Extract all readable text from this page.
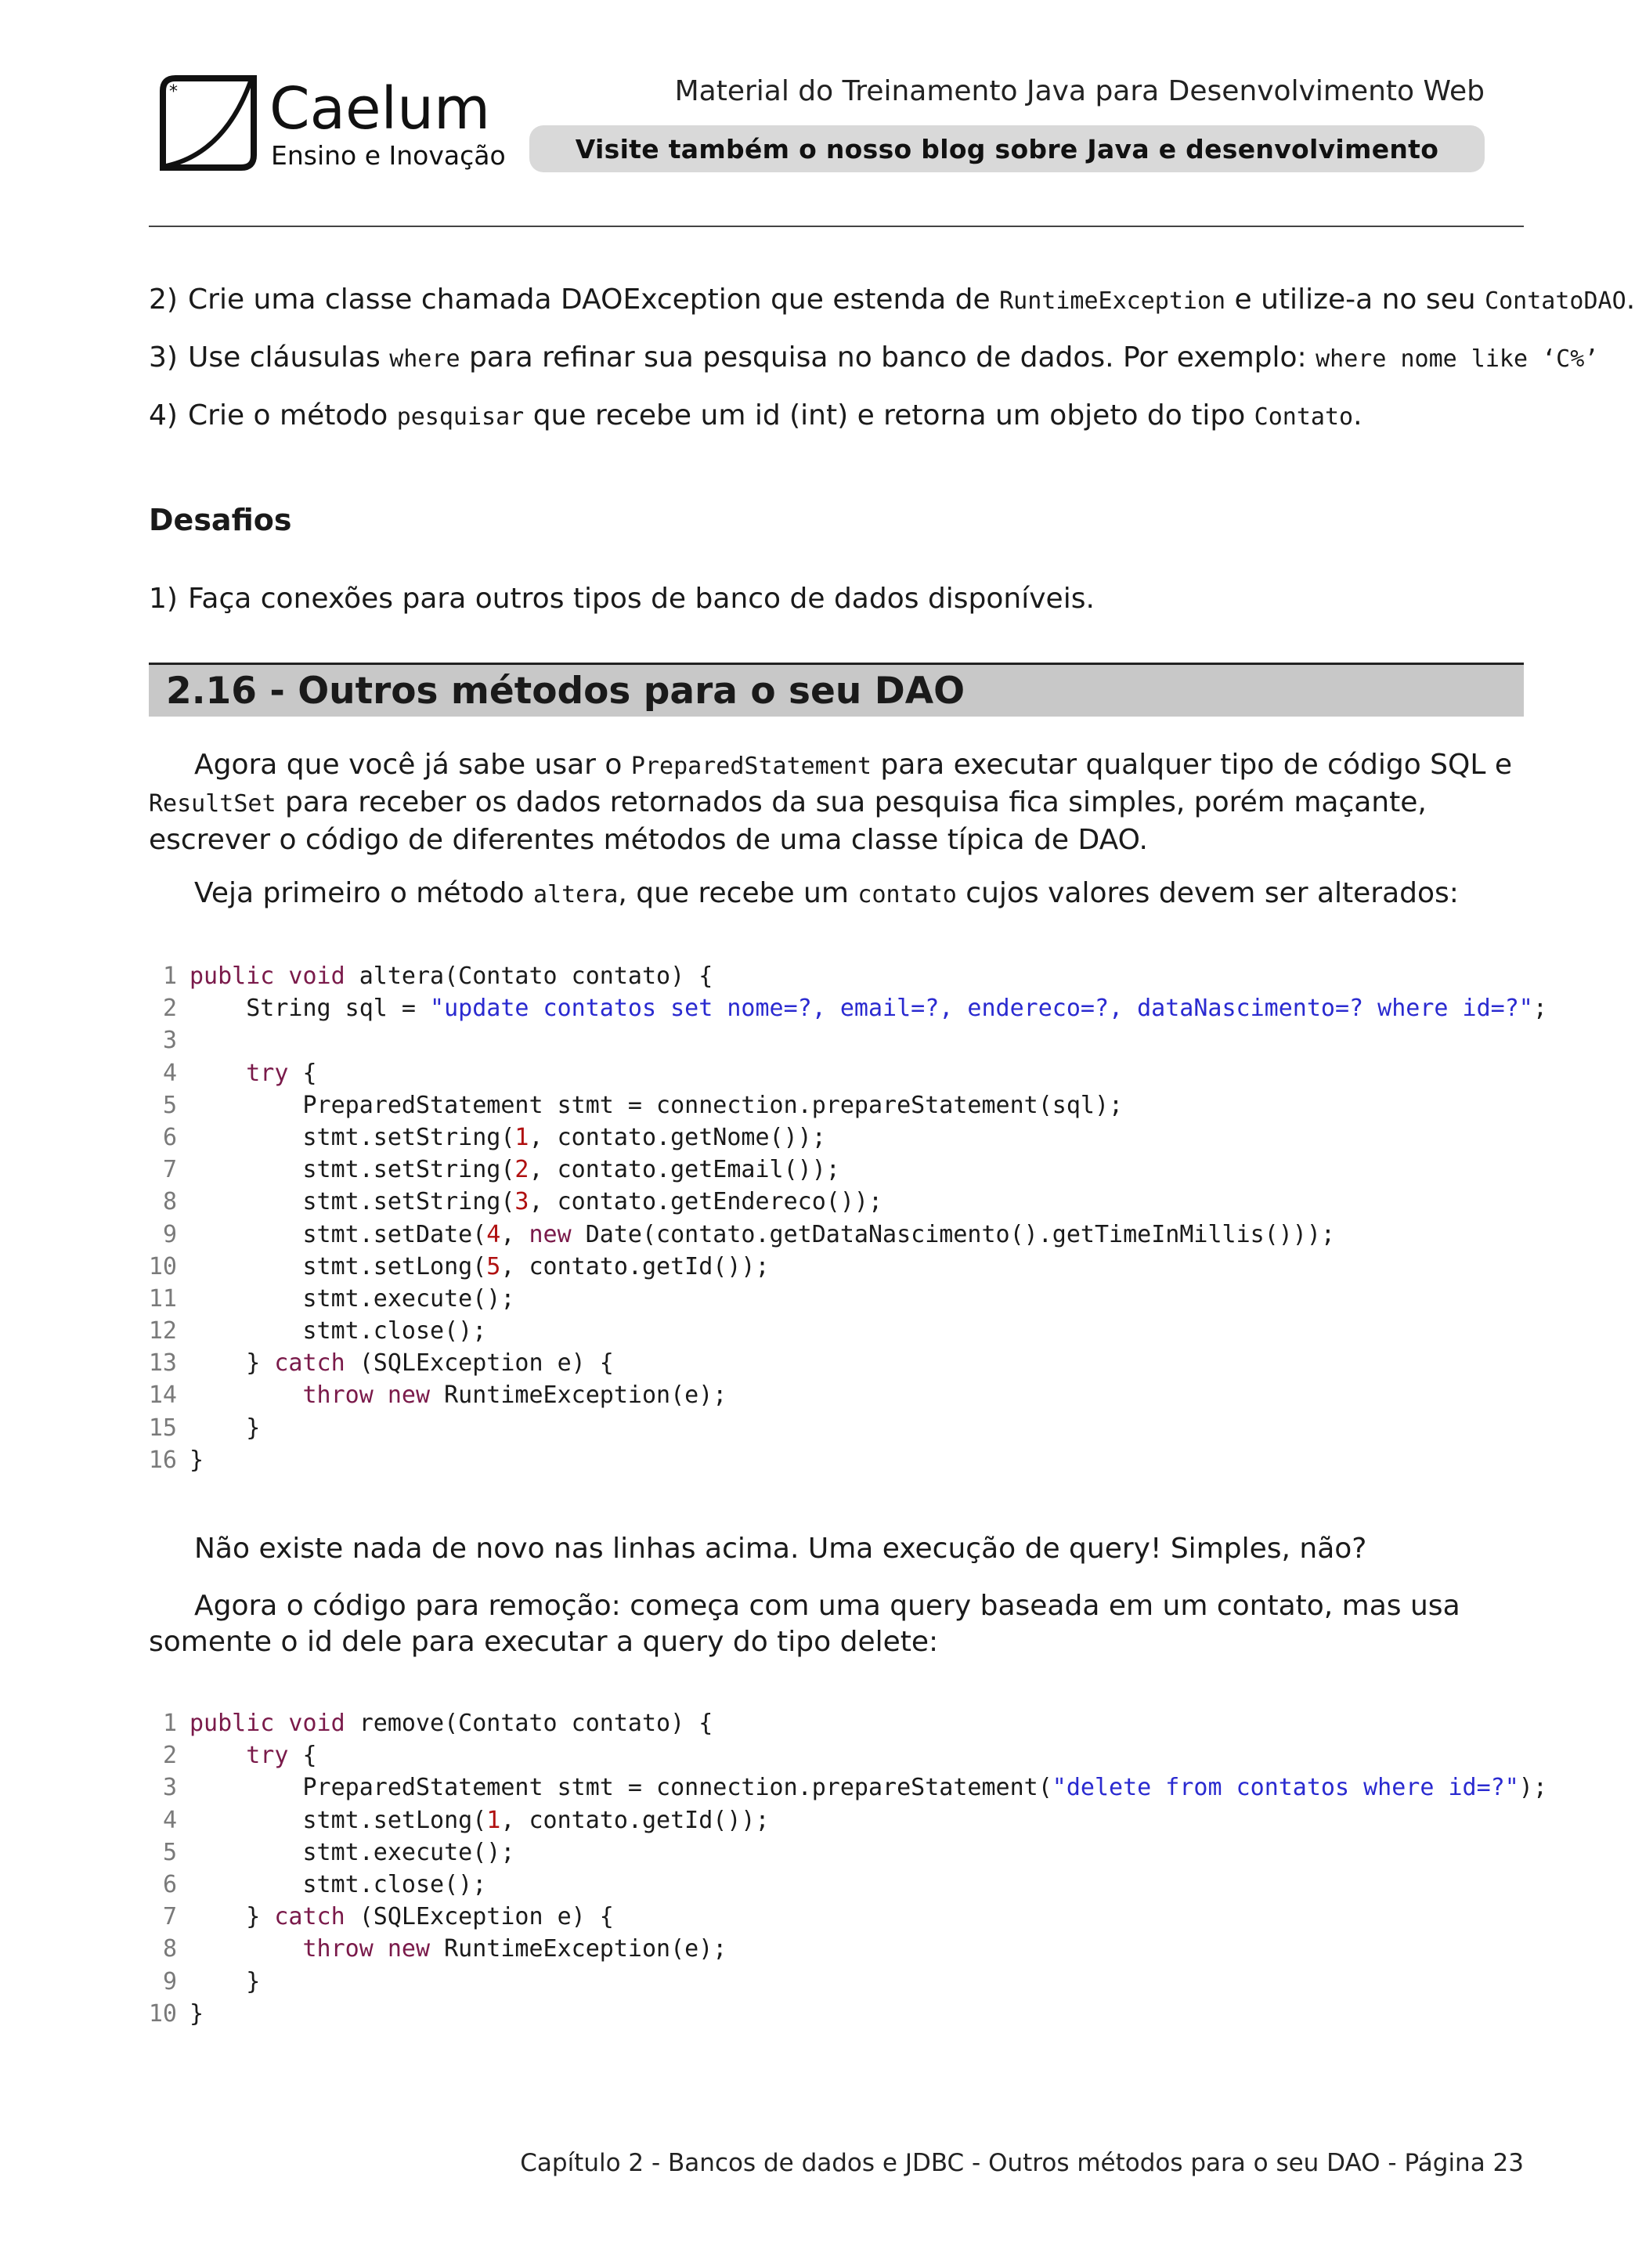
* Caelum
Ensino e Inovação
Material do Treinamento Java para Desenvolvimento Web
Visite também o nosso blog sobre Java e desenvolvimento
2) Crie uma classe chamada DAOException que estenda de RuntimeException e utilize-a no seu ContatoDAO.
3) Use cláusulas where para refinar sua pesquisa no banco de dados. Por exemplo: where nome like ‘C%’
4) Crie o método pesquisar que recebe um id (int) e retorna um objeto do tipo Contato.
Desafios
1) Faça conexões para outros tipos de banco de dados disponíveis.
2.16 - Outros métodos para o seu DAO
Agora que você já sabe usar o PreparedStatement para executar qualquer tipo de código SQL e ResultSet para receber os dados retornados da sua pesquisa fica simples, porém maçante, escrever o código de diferentes métodos de uma classe típica de DAO.
Veja primeiro o método altera, que recebe um contato cujos valores devem ser alterados:
1 public void altera(Contato contato) {
2    String sql = "update contatos set nome=?, email=?, endereco=?, dataNascimento=? where id=?";
3
4	try {
5        PreparedStatement stmt = connection.prepareStatement(sql);
6        stmt.setString(1, contato.getNome());
7        stmt.setString(2, contato.getEmail());
8        stmt.setString(3, contato.getEndereco());
9        stmt.setDate(4, new Date(contato.getDataNascimento().getTimeInMillis()));
10        stmt.setLong(5, contato.getId());
11        stmt.execute();
12        stmt.close();
13    } catch (SQLException e) {
14	throw new RuntimeException(e);
15    }
16 }
Não existe nada de novo nas linhas acima. Uma execução de query! Simples, não?
Agora o código para remoção: começa com uma query baseada em um contato, mas usa somente o id dele para executar a query do tipo delete:
1 public void remove(Contato contato) {
2	try {
3        PreparedStatement stmt = connection.prepareStatement("delete from contatos where id=?");
4        stmt.setLong(1, contato.getId());
5        stmt.execute();
6        stmt.close();
7    } catch (SQLException e) {
8	throw new RuntimeException(e);
9    }
10 }
Capítulo 2 - Bancos de dados e JDBC - Outros métodos para o seu DAO - Página 23
